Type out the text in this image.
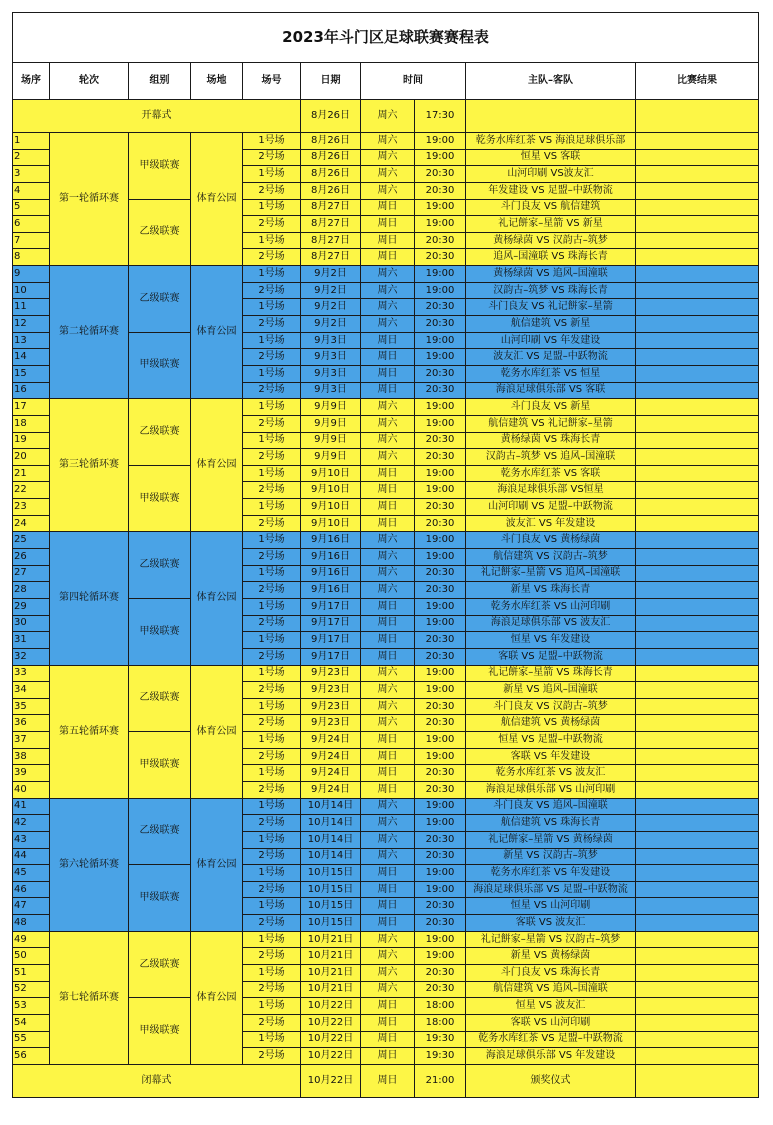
2023年斗门区足球联赛赛程表									
场序	轮次	组别	场地	场号	日期	时间		主队–客队	比赛结果
开幕式					8月26日	周六	17:30		
1	第一轮循环赛	甲级联赛	体育公园	1号场	8月26日	周六	19:00	乾务水库红茶 VS 海浪足球俱乐部	
2				2号场	8月26日	周六	19:00	恒星 VS 客联	
3				1号场	8月26日	周六	20:30	山河印刷 VS波友汇	
4				2号场	8月26日	周六	20:30	年发建设 VS 足盟–中跃物流	
5		乙级联赛		1号场	8月27日	周日	19:00	斗门良友 VS 航信建筑	
6				2号场	8月27日	周日	19:00	礼记餅家–星箭 VS 新星	
7				1号场	8月27日	周日	20:30	黄杨绿茵 VS 汉韵古–筑梦	
8				2号场	8月27日	周日	20:30	追风–国潼联 VS 珠海长青	
9	第二轮循环赛	乙级联赛	体育公园	1号场	9月2日	周六	19:00	黄杨绿茵 VS 追风–国潼联	
10				2号场	9月2日	周六	19:00	汉韵古–筑梦 VS 珠海长青	
11				1号场	9月2日	周六	20:30	斗门良友 VS 礼记餅家–星箭	
12				2号场	9月2日	周六	20:30	航信建筑 VS 新星	
13		甲级联赛		1号场	9月3日	周日	19:00	山河印刷 VS 年发建设	
14				2号场	9月3日	周日	19:00	波友汇 VS 足盟–中跃物流	
15				1号场	9月3日	周日	20:30	乾务水库红茶 VS 恒星	
16				2号场	9月3日	周日	20:30	海浪足球俱乐部 VS 客联	
17	第三轮循环赛	乙级联赛	体育公园	1号场	9月9日	周六	19:00	斗门良友 VS 新星	
18				2号场	9月9日	周六	19:00	航信建筑 VS 礼记餅家–星箭	
19				1号场	9月9日	周六	20:30	黄杨绿茵 VS 珠海长青	
20				2号场	9月9日	周六	20:30	汉韵古–筑梦 VS 追风–国潼联	
21		甲级联赛		1号场	9月10日	周日	19:00	乾务水库红茶 VS 客联	
22				2号场	9月10日	周日	19:00	海浪足球俱乐部 VS恒星	
23				1号场	9月10日	周日	20:30	山河印刷 VS 足盟–中跃物流	
24				2号场	9月10日	周日	20:30	波友汇 VS 年发建设	
25	第四轮循环赛	乙级联赛	体育公园	1号场	9月16日	周六	19:00	斗门良友 VS 黄杨绿茵	
26				2号场	9月16日	周六	19:00	航信建筑 VS 汉韵古–筑梦	
27				1号场	9月16日	周六	20:30	礼记餅家–星箭 VS 追风–国潼联	
28				2号场	9月16日	周六	20:30	新星 VS 珠海长青	
29		甲级联赛		1号场	9月17日	周日	19:00	乾务水库红茶 VS 山河印刷	
30				2号场	9月17日	周日	19:00	海浪足球俱乐部 VS 波友汇	
31				1号场	9月17日	周日	20:30	恒星 VS 年发建设	
32				2号场	9月17日	周日	20:30	客联 VS 足盟–中跃物流	
33	第五轮循环赛	乙级联赛	体育公园	1号场	9月23日	周六	19:00	礼记餅家–星箭 VS 珠海长青	
34				2号场	9月23日	周六	19:00	新星 VS 追风–国潼联	
35				1号场	9月23日	周六	20:30	斗门良友 VS 汉韵古–筑梦	
36				2号场	9月23日	周六	20:30	航信建筑 VS 黄杨绿茵	
37		甲级联赛		1号场	9月24日	周日	19:00	恒星 VS 足盟–中跃物流	
38				2号场	9月24日	周日	19:00	客联 VS 年发建设	
39				1号场	9月24日	周日	20:30	乾务水库红茶 VS 波友汇	
40				2号场	9月24日	周日	20:30	海浪足球俱乐部 VS 山河印刷	
41	第六轮循环赛	乙级联赛	体育公园	1号场	10月14日	周六	19:00	斗门良友 VS 追风–国潼联	
42				2号场	10月14日	周六	19:00	航信建筑 VS 珠海长青	
43				1号场	10月14日	周六	20:30	礼记餅家–星箭 VS 黄杨绿茵	
44				2号场	10月14日	周六	20:30	新星 VS 汉韵古–筑梦	
45		甲级联赛		1号场	10月15日	周日	19:00	乾务水库红茶 VS 年发建设	
46				2号场	10月15日	周日	19:00	海浪足球俱乐部 VS 足盟–中跃物流	
47				1号场	10月15日	周日	20:30	恒星 VS 山河印刷	
48				2号场	10月15日	周日	20:30	客联 VS 波友汇	
49	第七轮循环赛	乙级联赛	体育公园	1号场	10月21日	周六	19:00	礼记餅家–星箭 VS 汉韵古–筑梦	
50				2号场	10月21日	周六	19:00	新星 VS 黄杨绿茵	
51				1号场	10月21日	周六	20:30	斗门良友 VS 珠海长青	
52				2号场	10月21日	周六	20:30	航信建筑 VS 追风–国潼联	
53		甲级联赛		1号场	10月22日	周日	18:00	恒星 VS 波友汇	
54				2号场	10月22日	周日	18:00	客联 VS 山河印刷	
55				1号场	10月22日	周日	19:30	乾务水库红茶 VS 足盟–中跃物流	
56				2号场	10月22日	周日	19:30	海浪足球俱乐部 VS 年发建设	
闭幕式					10月22日	周日	21:00	颁奖仪式	
